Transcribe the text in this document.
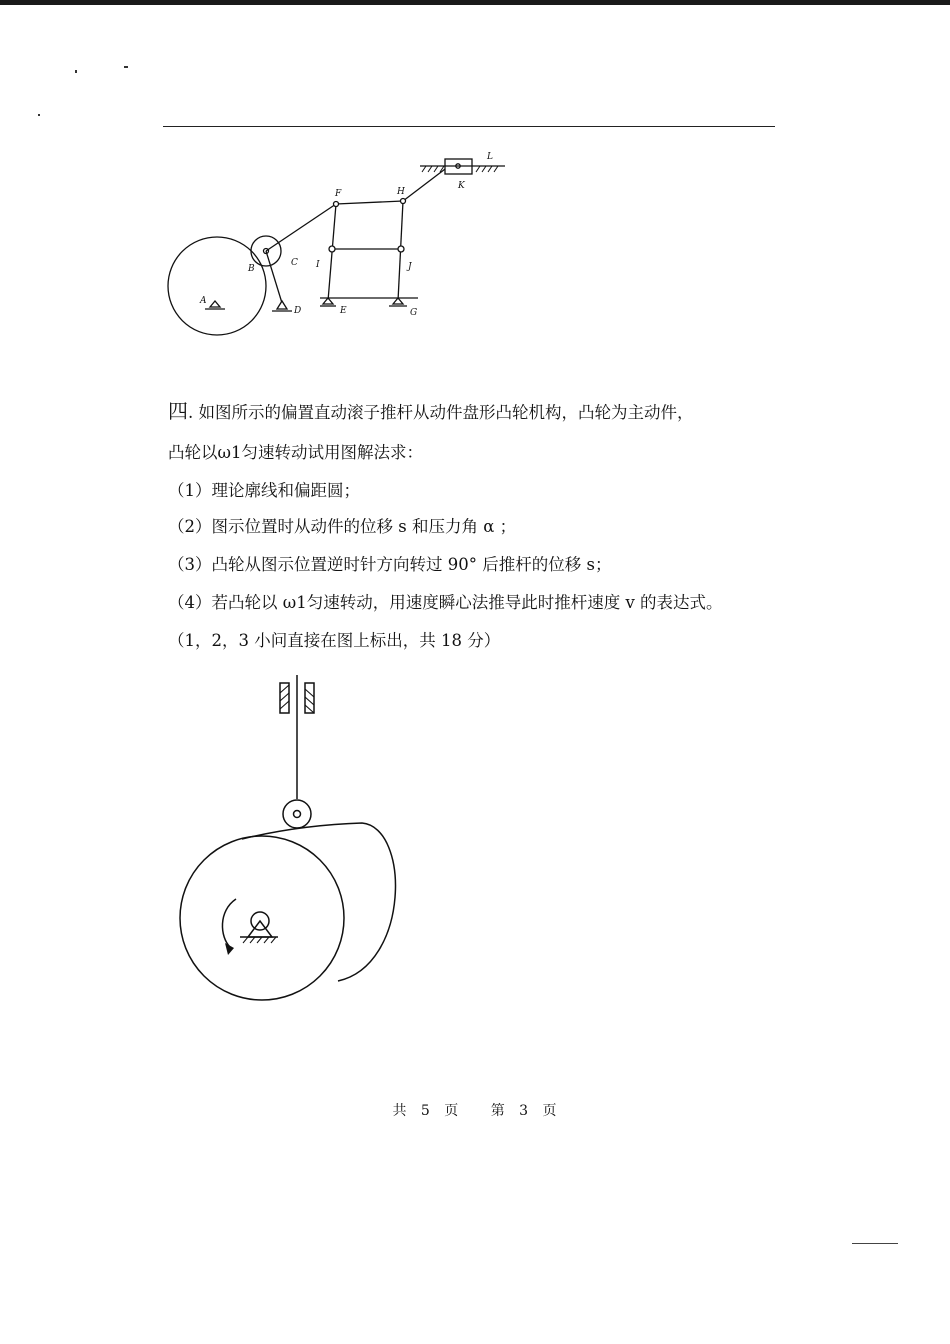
A
B
C
D	E
F
G
H
I	J
K
L
四. 如图所示的偏置直动滚子推杆从动件盘形凸轮机构，凸轮为主动件，
凸轮以ω1匀速转动试用图解法求：
（1）理论廓线和偏距圆；
（2）图示位置时从动件的位移 s 和压力角 α ；
（3）凸轮从图示位置逆时针方向转过 90° 后推杆的位移 s；
（4）若凸轮以 ω1匀速转动，用速度瞬心法推导此时推杆速度 v 的表达式。
（1，2，3 小问直接在图上标出，共 18 分）
共 5 页 第 3 页
